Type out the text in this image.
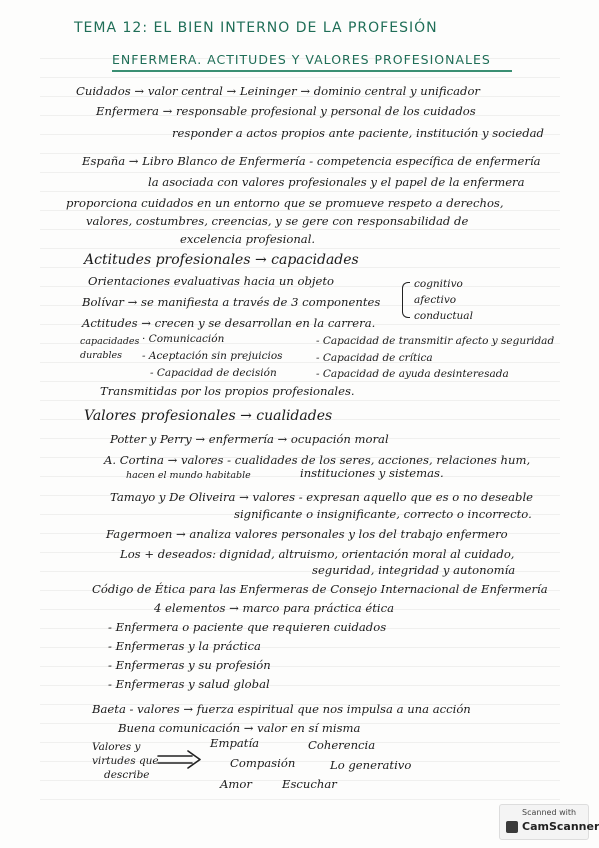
TEMA 12: EL BIEN INTERNO DE LA PROFESIÓN
ENFERMERA. ACTITUDES Y VALORES PROFESIONALES
Cuidados → valor central → Leininger → dominio central y unificador
Enfermera → responsable profesional y personal de los cuidados
responder a actos propios ante paciente, institución y sociedad
España → Libro Blanco de Enfermería - competencia específica de enfermería
la asociada con valores profesionales y el papel de la enfermera
proporciona cuidados en un entorno que se promueve respeto a derechos,
valores, costumbres, creencias, y se gere con responsabilidad de
excelencia profesional.
Actitudes profesionales → capacidades
Orientaciones evaluativas hacia un objeto
Bolívar → se manifiesta a través de 3 componentes
cognitivo
afectivo
conductual
Actitudes → crecen y se desarrollan en la carrera.
capacidades
durables
· Comunicación
- Aceptación sin prejuicios
- Capacidad de decisión
- Capacidad de transmitir afecto y seguridad
- Capacidad de crítica
- Capacidad de ayuda desinteresada
Transmitidas por los propios profesionales.
Valores profesionales → cualidades
Potter y Perry → enfermería → ocupación moral
A. Cortina → valores - cualidades de los seres, acciones, relaciones hum,
hacen el mundo habitable	instituciones y sistemas.
Tamayo y De Oliveira → valores - expresan aquello que es o no deseable
significante o insignificante, correcto o incorrecto.
Fagermoen → analiza valores personales y los del trabajo enfermero
Los + deseados: dignidad, altruismo, orientación moral al cuidado,
seguridad, integridad y autonomía
Código de Ética para las Enfermeras de Consejo Internacional de Enfermería
4 elementos → marco para práctica ética
- Enfermera o paciente que requieren cuidados
- Enfermeras y la práctica
- Enfermeras y su profesión
- Enfermeras y salud global
Baeta - valores → fuerza espiritual que nos impulsa a una acción
Buena comunicación → valor en sí misma
Valores y
virtudes que
describe
Empatía	Coherencia
Compasión	Lo generativo
Amor	Escuchar
Scanned with
CamScanner
